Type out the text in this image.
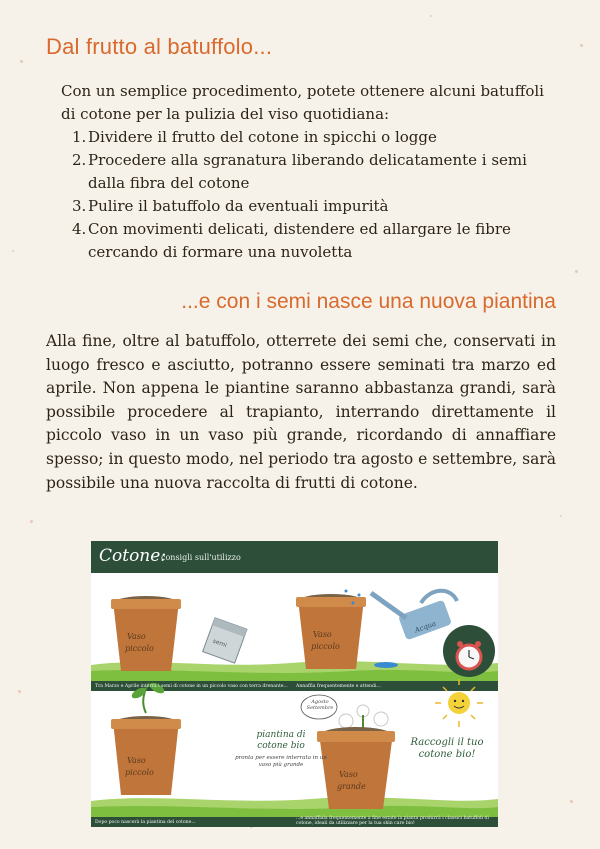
Dal frutto al batuffolo...

Con un semplice procedimento, potete ottenere alcuni batuffoli di cotone per la pulizia del viso quotidiana:

1. Dividere il frutto del cotone in spicchi o logge
2. Procedere alla sgranatura liberando delicatamente i semi dalla fibra del cotone
3. Pulire il batuffolo da eventuali impurità
4. Con movimenti delicati, distendere ed allargare le fibre cercando di formare una nuvoletta
...e con i semi nasce una nuova piantina

Alla fine, oltre al batuffolo, otterrete dei semi che, conservati in luogo fresco e asciutto, potranno essere seminati tra marzo ed aprile. Non appena le piantine saranno abbastanza grandi, sarà possibile procedere al trapianto, interrando direttamente il piccolo vaso in un vaso più grande, ricordando di annaffiare spesso; in questo modo, nel periodo tra agosto e settembre, sarà possibile una nuova raccolta di frutti di cotone.

Cotone:
consigli sull'utilizzo
Vaso
piccolo	semi
Vaso
piccolo
Acqua
Vaso
piccolo	Vaso
grande
piantina di cotone bio
pronta per essere interrata in un vaso più grande
Raccogli il tuo cotone bio!
Agosto Settembre
Tra Marzo e Aprile interra i semi di cotone in un piccolo vaso con terra drenante... Annaffia frequentemente e attendi...
Dopo poco nascerà la piantina del cotone...
...e annaffiala frequentemente a fine estate la pianta produrrà i classici batuffoli di cotone, ideali da utilizzare per la tua skin care bio!
